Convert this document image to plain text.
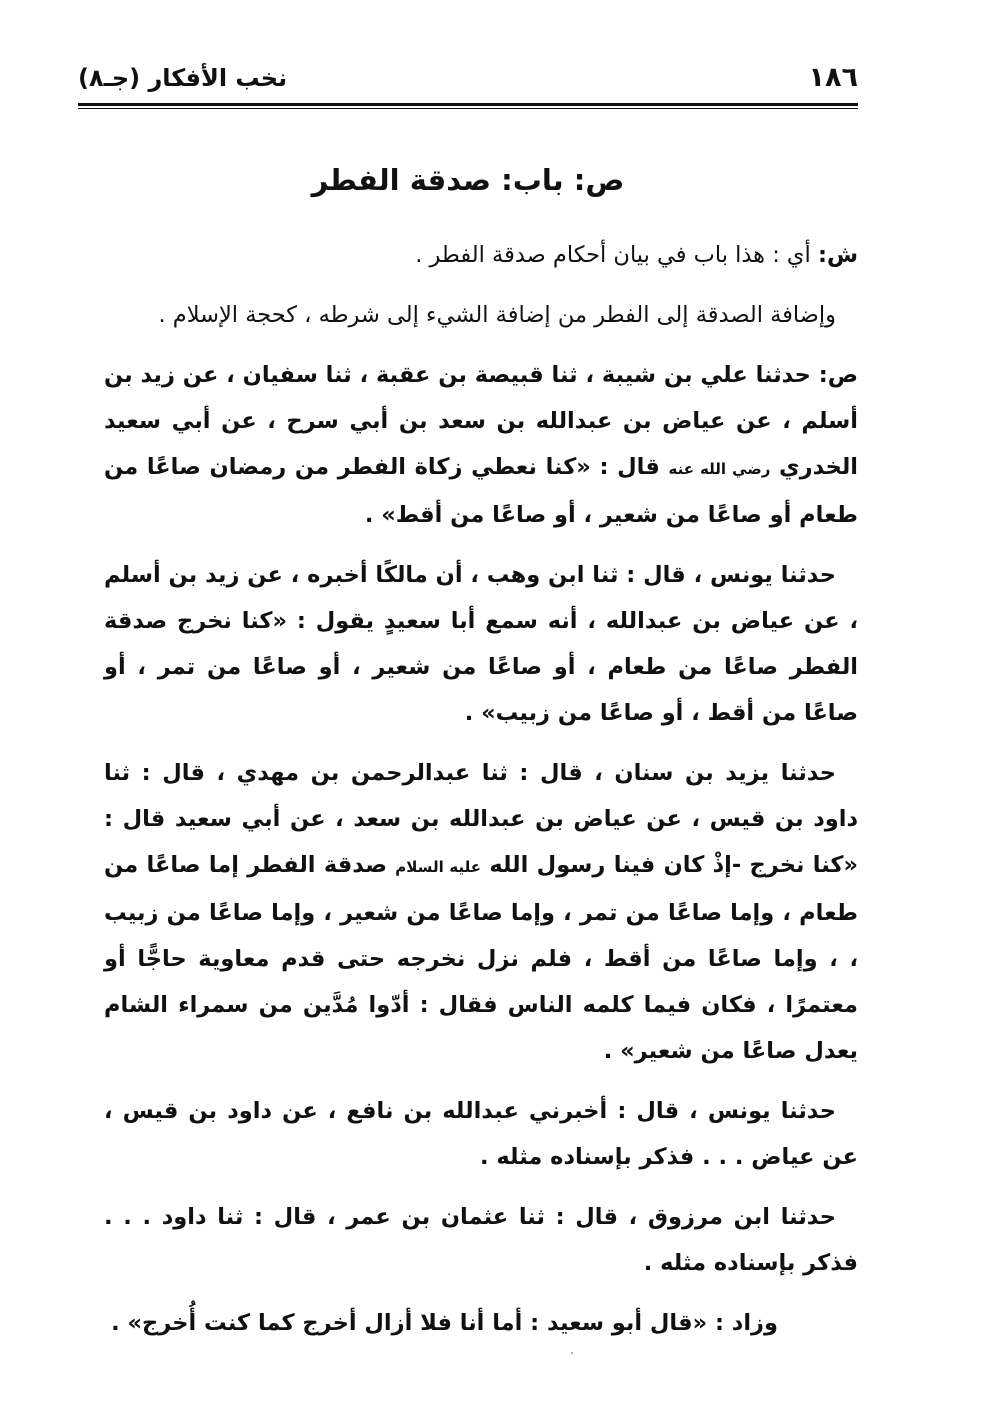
١٨٦
نخب الأفكار (جـ٨)
ص: باب: صدقة الفطر

ش: أي : هذا باب في بيان أحكام صدقة الفطر .

وإضافة الصدقة إلى الفطر من إضافة الشيء إلى شرطه ، كحجة الإسلام .

ص: حدثنا علي بن شيبة ، ثنا قبيصة بن عقبة ، ثنا سفيان ، عن زيد بن أسلم ، عن عياض بن عبدالله بن سعد بن أبي سرح ، عن أبي سعيد الخدري رضي الله عنه قال : «كنا نعطي زكاة الفطر من رمضان صاعًا من طعام أو صاعًا من شعير ، أو صاعًا من أقط» .

حدثنا يونس ، قال : ثنا ابن وهب ، أن مالكًا أخبره ، عن زيد بن أسلم ، عن عياض بن عبدالله ، أنه سمع أبا سعيدٍ يقول : «كنا نخرج صدقة الفطر صاعًا من طعام ، أو صاعًا من شعير ، أو صاعًا من تمر ، أو صاعًا من أقط ، أو صاعًا من زبيب» .

حدثنا يزيد بن سنان ، قال : ثنا عبدالرحمن بن مهدي ، قال : ثنا داود بن قيس ، عن عياض بن عبدالله بن سعد ، عن أبي سعيد قال : «كنا نخرج -إذْ كان فينا رسول الله عليه السلام صدقة الفطر إما صاعًا من طعام ، وإما صاعًا من تمر ، وإما صاعًا من شعير ، وإما صاعًا من زبيب ، ، وإما صاعًا من أقط ، فلم نزل نخرجه حتى قدم معاوية حاجًّا أو معتمرًا ، فكان فيما كلمه الناس فقال : أدّوا مُدَّين من سمراء الشام يعدل صاعًا من شعير» .

حدثنا يونس ، قال : أخبرني عبدالله بن نافع ، عن داود بن قيس ، عن عياض . . . فذكر بإسناده مثله .

حدثنا ابن مرزوق ، قال : ثنا عثمان بن عمر ، قال : ثنا داود . . . فذكر بإسناده مثله .

وزاد : «قال أبو سعيد : أما أنا فلا أزال أخرج كما كنت أُخرج» .
